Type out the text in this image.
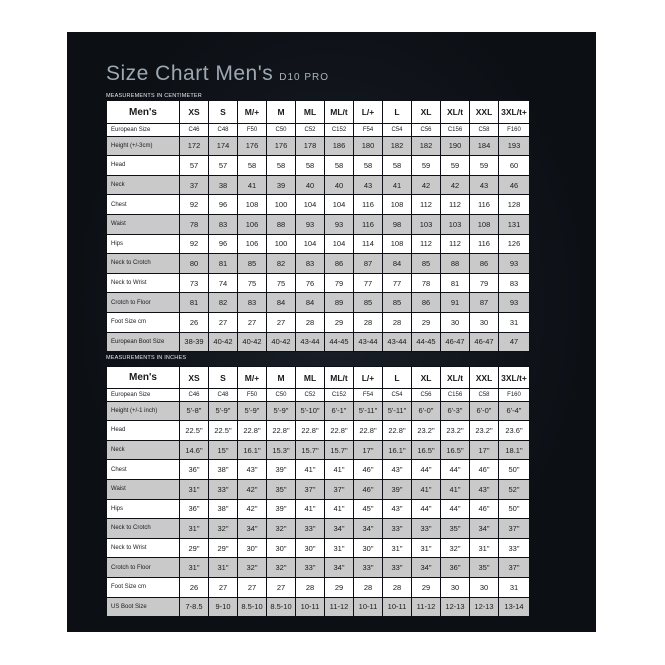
Size Chart Men's D10 PRO
MEASUREMENTS IN CENTIMETER
Men's	XS	S	M/+	M	ML	ML/t	L/+	L	XL	XL/t	XXL	3XL/t+
European Size	C46	C48	F50	C50	C52	C152	F54	C54	C56	C156	C58	F160
Height (+/-3cm)	172	174	176	176	178	186	180	182	182	190	184	193
Head	57	57	58	58	58	58	58	58	59	59	59	60
Neck	37	38	41	39	40	40	43	41	42	42	43	46
Chest	92	96	108	100	104	104	116	108	112	112	116	128
Waist	78	83	106	88	93	93	116	98	103	103	108	131
Hips	92	96	106	100	104	104	114	108	112	112	116	126
Neck to Crotch	80	81	85	82	83	86	87	84	85	88	86	93
Neck to Wrist	73	74	75	75	76	79	77	77	78	81	79	83
Crotch to Floor	81	82	83	84	84	89	85	85	86	91	87	93
Foot Size cm	26	27	27	27	28	29	28	28	29	30	30	31
European Boot Size	38-39	40-42	40-42	40-42	43-44	44-45	43-44	43-44	44-45	46-47	46-47	47
MEASUREMENTS IN INCHES
Men's	XS	S	M/+	M	ML	ML/t	L/+	L	XL	XL/t	XXL	3XL/t+
European Size	C46	C48	F50	C50	C52	C152	F54	C54	C56	C156	C58	F160
Height (+/-1 inch)	5'-8"	5'-9"	5'-9"	5'-9"	5'-10"	6'-1"	5'-11"	5'-11"	6'-0"	6'-3"	6'-0"	6'-4"
Head	22.5"	22.5"	22.8"	22.8"	22.8"	22.8"	22.8"	22.8"	23.2"	23.2"	23.2"	23.6"
Neck	14.6"	15"	16.1"	15.3"	15.7"	15.7"	17"	16.1"	16.5"	16.5"	17"	18.1"
Chest	36"	38"	43"	39"	41"	41"	46"	43"	44"	44"	46"	50"
Waist	31"	33"	42"	35"	37"	37"	46"	39"	41"	41"	43"	52"
Hips	36"	38"	42"	39"	41"	41"	45"	43"	44"	44"	46"	50"
Neck to Crotch	31"	32"	34"	32"	33"	34"	34"	33"	33"	35"	34"	37"
Neck to Wrist	29"	29"	30"	30"	30"	31"	30"	31"	31"	32"	31"	33"
Crotch to Floor	31"	31"	32"	32"	33"	34"	33"	33"	34"	36"	35"	37"
Foot Size cm	26	27	27	27	28	29	28	28	29	30	30	31
US Boot Size	7-8.5	9-10	8.5-10	8.5-10	10-11	11-12	10-11	10-11	11-12	12-13	12-13	13-14
